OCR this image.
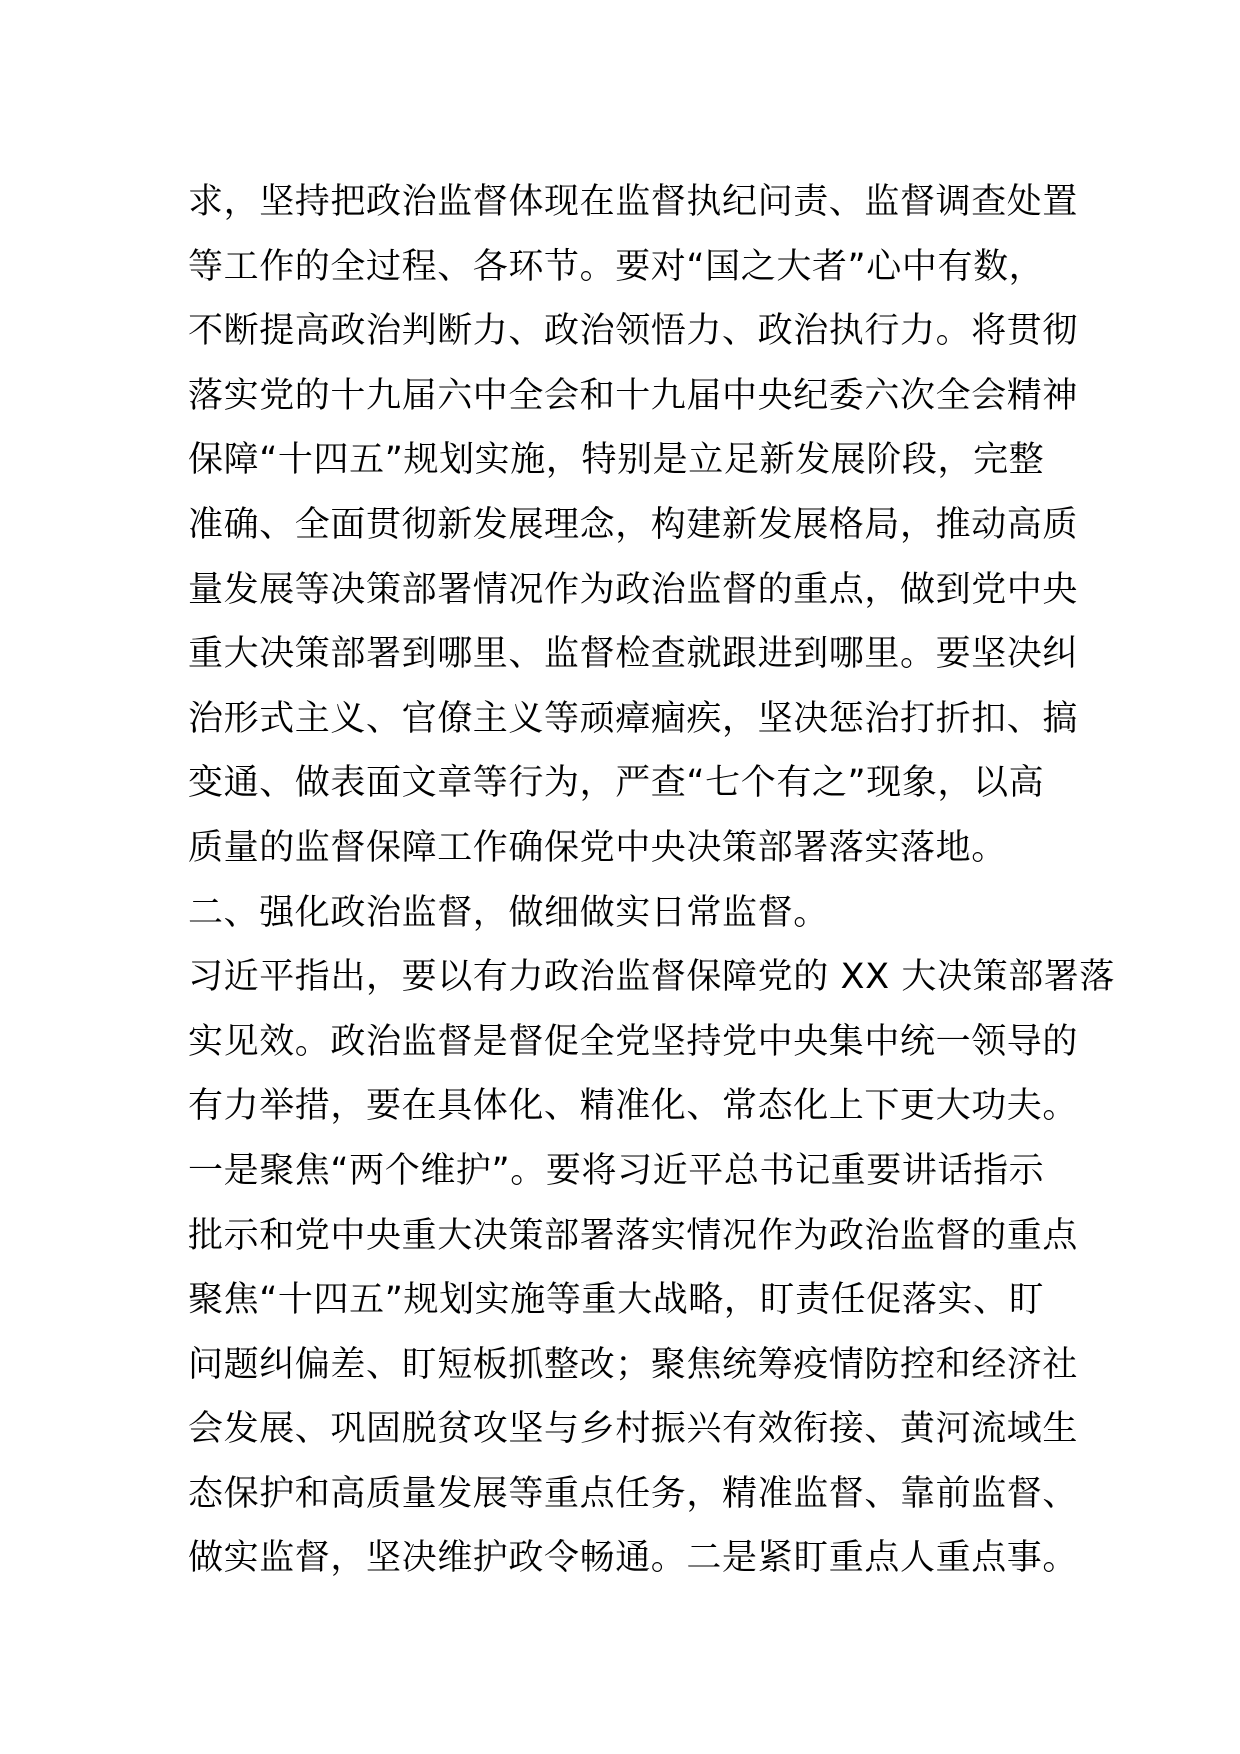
求，坚持把政治监督体现在监督执纪问责、监督调查处置
等工作的全过程、各环节。要对“国之大者”心中有数，
不断提高政治判断力、政治领悟力、政治执行力。将贯彻
落实党的十九届六中全会和十九届中央纪委六次全会精神
保障“十四五”规划实施，特别是立足新发展阶段，完整
准确、全面贯彻新发展理念，构建新发展格局，推动高质
量发展等决策部署情况作为政治监督的重点，做到党中央
重大决策部署到哪里、监督检查就跟进到哪里。要坚决纠
治形式主义、官僚主义等顽瘴痼疾，坚决惩治打折扣、搞
变通、做表面文章等行为，严查“七个有之”现象，以高
质量的监督保障工作确保党中央决策部署落实落地。
二、强化政治监督，做细做实日常监督。
习近平指出，要以有力政治监督保障党的 XX 大决策部署落
实见效。政治监督是督促全党坚持党中央集中统一领导的
有力举措，要在具体化、精准化、常态化上下更大功夫。
一是聚焦“两个维护”。要将习近平总书记重要讲话指示
批示和党中央重大决策部署落实情况作为政治监督的重点
聚焦“十四五”规划实施等重大战略，盯责任促落实、盯
问题纠偏差、盯短板抓整改；聚焦统筹疫情防控和经济社
会发展、巩固脱贫攻坚与乡村振兴有效衔接、黄河流域生
态保护和高质量发展等重点任务，精准监督、靠前监督、
做实监督，坚决维护政令畅通。二是紧盯重点人重点事。
